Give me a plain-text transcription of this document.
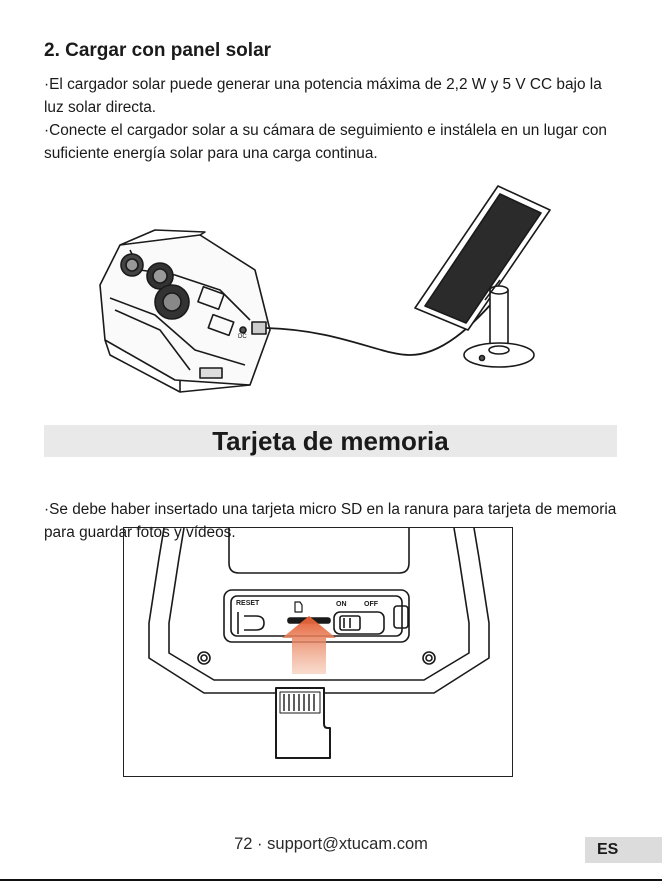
2. Cargar con panel solar

·El cargador solar puede generar una potencia máxima de 2,2 W y 5 V CC bajo la luz solar directa.
·Conecte el cargador solar a su cámara de seguimiento e instálela en un lugar con suficiente energía solar para una carga continua.

DC
Tarjeta de memoria

·Se debe haber insertado una tarjeta micro SD en la ranura para tarjeta de memoria para guardar fotos y vídeos.

RESET	ON	OFF
72 · support@xtucam.com	ES
